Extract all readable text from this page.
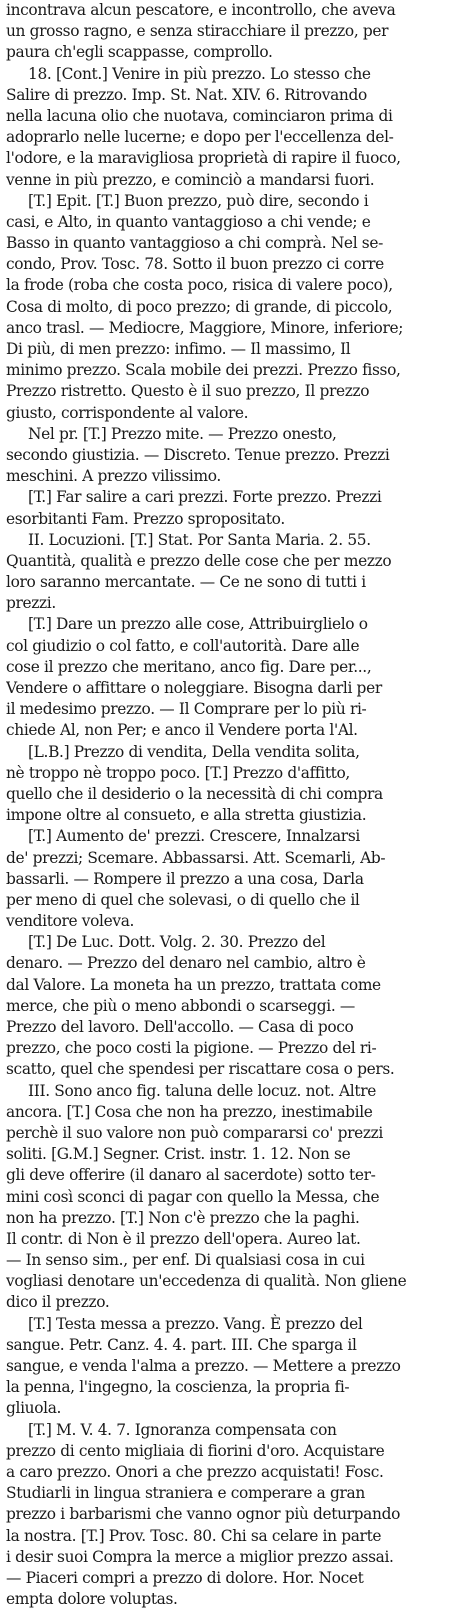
incontrava alcun pescatore, e incontrollo, che aveva
un grosso ragno, e senza stiracchiare il prezzo, per
paura ch'egli scappasse, comprollo.
18. [Cont.] Venire in più prezzo. Lo stesso che
Salire di prezzo. Imp. St. Nat. XIV. 6. Ritrovando
nella lacuna olio che nuotava, cominciaron prima di
adoprarlo nelle lucerne; e dopo per l'eccellenza del-
l'odore, e la maravigliosa proprietà di rapire il fuoco,
venne in più prezzo, e cominciò a mandarsi fuori.
[T.] Epit. [T.] Buon prezzo, può dire, secondo i
casi, e Alto, in quanto vantaggioso a chi vende; e
Basso in quanto vantaggioso a chi comprà. Nel se-
condo, Prov. Tosc. 78. Sotto il buon prezzo ci corre
la frode (roba che costa poco, risica di valere poco),
Cosa di molto, di poco prezzo; di grande, di piccolo,
anco trasl. — Mediocre, Maggiore, Minore, inferiore;
Di più, di men prezzo: infimo. — Il massimo, Il
minimo prezzo. Scala mobile dei prezzi. Prezzo fisso,
Prezzo ristretto. Questo è il suo prezzo, Il prezzo
giusto, corrispondente al valore.
Nel pr. [T.] Prezzo mite. — Prezzo onesto,
secondo giustizia. — Discreto. Tenue prezzo. Prezzi
meschini. A prezzo vilissimo.
[T.] Far salire a cari prezzi. Forte prezzo. Prezzi
esorbitanti Fam. Prezzo spropositato.
II. Locuzioni. [T.] Stat. Por Santa Maria. 2. 55.
Quantità, qualità e prezzo delle cose che per mezzo
loro saranno mercantate. — Ce ne sono di tutti i
prezzi.
[T.] Dare un prezzo alle cose, Attribuirglielo o
col giudizio o col fatto, e coll'autorità. Dare alle
cose il prezzo che meritano, anco fig. Dare per...,
Vendere o affittare o noleggiare. Bisogna darli per
il medesimo prezzo. — Il Comprare per lo più ri-
chiede Al, non Per; e anco il Vendere porta l'Al.
[L.B.] Prezzo di vendita, Della vendita solita,
nè troppo nè troppo poco. [T.] Prezzo d'affitto,
quello che il desiderio o la necessità di chi compra
impone oltre al consueto, e alla stretta giustizia.
[T.] Aumento de' prezzi. Crescere, Innalzarsi
de' prezzi; Scemare. Abbassarsi. Att. Scemarli, Ab-
bassarli. — Rompere il prezzo a una cosa, Darla
per meno di quel che solevasi, o di quello che il
venditore voleva.
[T.] De Luc. Dott. Volg. 2. 30. Prezzo del
denaro. — Prezzo del denaro nel cambio, altro è
dal Valore. La moneta ha un prezzo, trattata come
merce, che più o meno abbondi o scarseggi. —
Prezzo del lavoro. Dell'accollo. — Casa di poco
prezzo, che poco costi la pigione. — Prezzo del ri-
scatto, quel che spendesi per riscattare cosa o pers.
III. Sono anco fig. taluna delle locuz. not. Altre
ancora. [T.] Cosa che non ha prezzo, inestimabile
perchè il suo valore non può compararsi co' prezzi
soliti. [G.M.] Segner. Crist. instr. 1. 12. Non se
gli deve offerire (il danaro al sacerdote) sotto ter-
mini così sconci di pagar con quello la Messa, che
non ha prezzo. [T.] Non c'è prezzo che la paghi.
Il contr. di Non è il prezzo dell'opera. Aureo lat.
— In senso sim., per enf. Di qualsiasi cosa in cui
vogliasi denotare un'eccedenza di qualità. Non gliene
dico il prezzo.
[T.] Testa messa a prezzo. Vang. È prezzo del
sangue. Petr. Canz. 4. 4. part. III. Che sparga il
sangue, e venda l'alma a prezzo. — Mettere a prezzo
la penna, l'ingegno, la coscienza, la propria fi-
gliuola.
[T.] M. V. 4. 7. Ignoranza compensata con
prezzo di cento migliaia di fiorini d'oro. Acquistare
a caro prezzo. Onori a che prezzo acquistati! Fosc.
Studiarli in lingua straniera e comperare a gran
prezzo i barbarismi che vanno ognor più deturpando
la nostra. [T.] Prov. Tosc. 80. Chi sa celare in parte
i desir suoi Compra la merce a miglior prezzo assai.
— Piaceri compri a prezzo di dolore. Hor. Nocet
empta dolore voluptas.
